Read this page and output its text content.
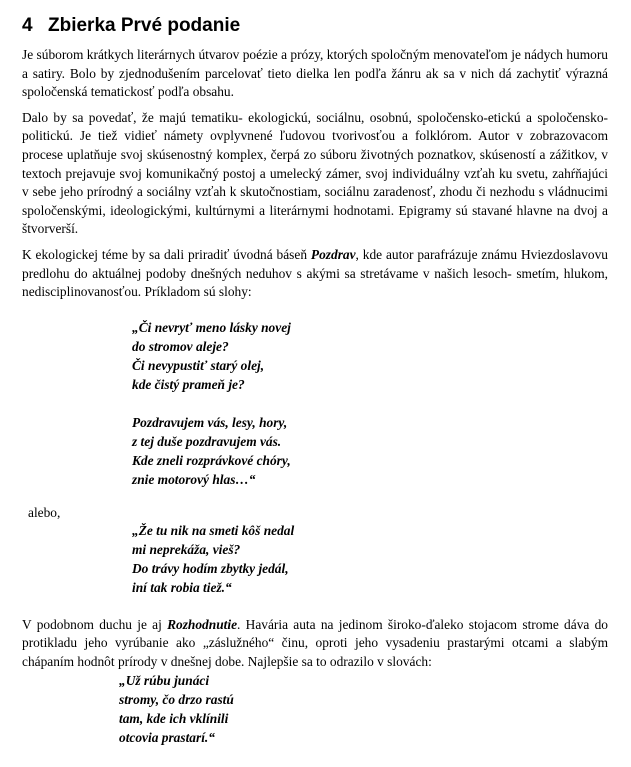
4 Zbierka Prvé podanie

Je súborom krátkych literárnych útvarov poézie a prózy, ktorých spoločným menovateľom je nádych humoru a satiry. Bolo by zjednodušením parcelovať tieto dielka len podľa žánru ak sa v nich dá zachytiť výrazná spoločenská tematickosť podľa obsahu.

Dalo by sa povedať, že majú tematiku- ekologickú, sociálnu, osobnú, spoločensko-etickú a spoločensko-politickú. Je tiež vidieť námety ovplyvnené ľudovou tvorivosťou a folklórom. Autor v zobrazovacom procese uplatňuje svoj skúsenostný komplex, čerpá zo súboru životných poznatkov, skúseností a zážitkov, v textoch prejavuje svoj komunikačný postoj a umelecký zámer, svoj individuálny vzťah ku svetu, zahŕňajúci v sebe jeho prírodný a sociálny vzťah k skutočnostiam, sociálnu zaradenosť, zhodu či nezhodu s vládnucimi spoločenskými, ideologickými, kultúrnymi a literárnymi hodnotami. Epigramy sú stavané hlavne na dvoj a štvorverší.

K ekologickej téme by sa dali priradiť úvodná báseň Pozdrav, kde autor parafrázuje známu Hviezdoslavovu predlohu do aktuálnej podoby dnešných neduhov s akými sa stretávame v našich lesoch- smetím, hlukom, nedisciplinovanosťou. Príkladom sú slohy:

„Či nevryť meno lásky novej
do stromov aleje?
Či nevypustiť starý olej,
kde čistý prameň je?
Pozdravujem vás, lesy, hory,
z tej duše pozdravujem vás.
Kde zneli rozprávkové chóry,
znie motorový hlas…“
alebo,
„Že tu nik na smeti kôš nedal
mi neprekáža, vieš?
Do trávy hodím zbytky jedál,
iní tak robia tiež.“

V podobnom duchu je aj Rozhodnutie. Havária auta na jedinom široko-ďaleko stojacom strome dáva do protikladu jeho vyrúbanie ako „záslužného“ činu, oproti jeho vysadeniu prastarými otcami a slabým chápaním hodnôt prírody v dnešnej dobe. Najlepšie sa to odrazilo v slovách:

„Už rúbu junáci
stromy, čo drzo rastú
tam, kde ich vklínili
otcovia prastarí.“
